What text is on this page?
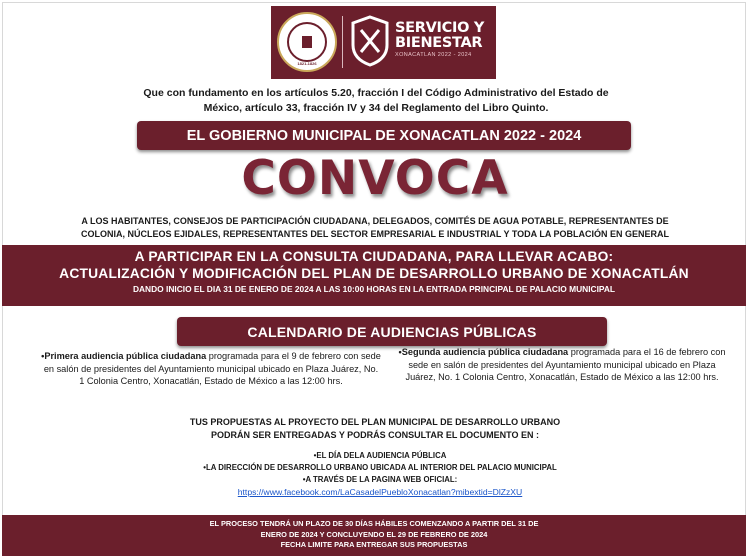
1821-1826
SERVICIO Y
BIENESTAR
XONACATLAN 2022 - 2024
Que con fundamento en los artículos 5.20, fracción I del Código Administrativo del Estado de
México, artículo 33, fracción IV y 34 del Reglamento del Libro Quinto.
EL GOBIERNO MUNICIPAL DE XONACATLAN 2022 - 2024
CONVOCA
A LOS HABITANTES, CONSEJOS DE PARTICIPACIÓN CIUDADANA, DELEGADOS, COMITÉS DE AGUA POTABLE, REPRESENTANTES DE
COLONIA, NÚCLEOS EJIDALES, REPRESENTANTES DEL SECTOR EMPRESARIAL E INDUSTRIAL Y TODA LA POBLACIÓN EN GENERAL
A PARTICIPAR EN LA CONSULTA CIUDADANA, PARA LLEVAR ACABO:
ACTUALIZACIÓN Y MODIFICACIÓN DEL PLAN DE DESARROLLO URBANO DE XONACATLÁN
DANDO INICIO EL DIA 31 DE ENERO DE 2024 A LAS 10:00 HORAS EN LA ENTRADA PRINCIPAL DE PALACIO MUNICIPAL
CALENDARIO DE AUDIENCIAS PÚBLICAS
•Primera audiencia pública ciudadana programada para el 9 de febrero con sede en salón de presidentes del Ayuntamiento municipal ubicado en Plaza Juárez, No. 1 Colonia Centro, Xonacatlán, Estado de México a las 12:00 hrs.
•Segunda audiencia pública ciudadana programada para el 16 de febrero con sede en salón de presidentes del Ayuntamiento municipal ubicado en Plaza Juárez, No. 1 Colonia Centro, Xonacatlán, Estado de México a las 12:00 hrs.
TUS PROPUESTAS AL PROYECTO DEL PLAN MUNICIPAL DE DESARROLLO URBANO
PODRÁN SER ENTREGADAS Y PODRÁS CONSULTAR EL DOCUMENTO EN :
•EL DÍA DELA AUDIENCIA PÚBLICA
•LA DIRECCIÓN DE DESARROLLO URBANO UBICADA AL INTERIOR DEL PALACIO MUNICIPAL
•A TRAVÉS DE LA PAGINA WEB OFICIAL:
https://www.facebook.com/LaCasadelPuebloXonacatlan?mibextid=DlZzXU
EL PROCESO TENDRÁ UN PLAZO DE 30 DÍAS HÁBILES COMENZANDO A PARTIR DEL 31 DE
ENERO DE 2024 Y CONCLUYENDO EL 29 DE FEBRERO DE 2024
FECHA LIMITE PARA ENTREGAR SUS PROPUESTAS
